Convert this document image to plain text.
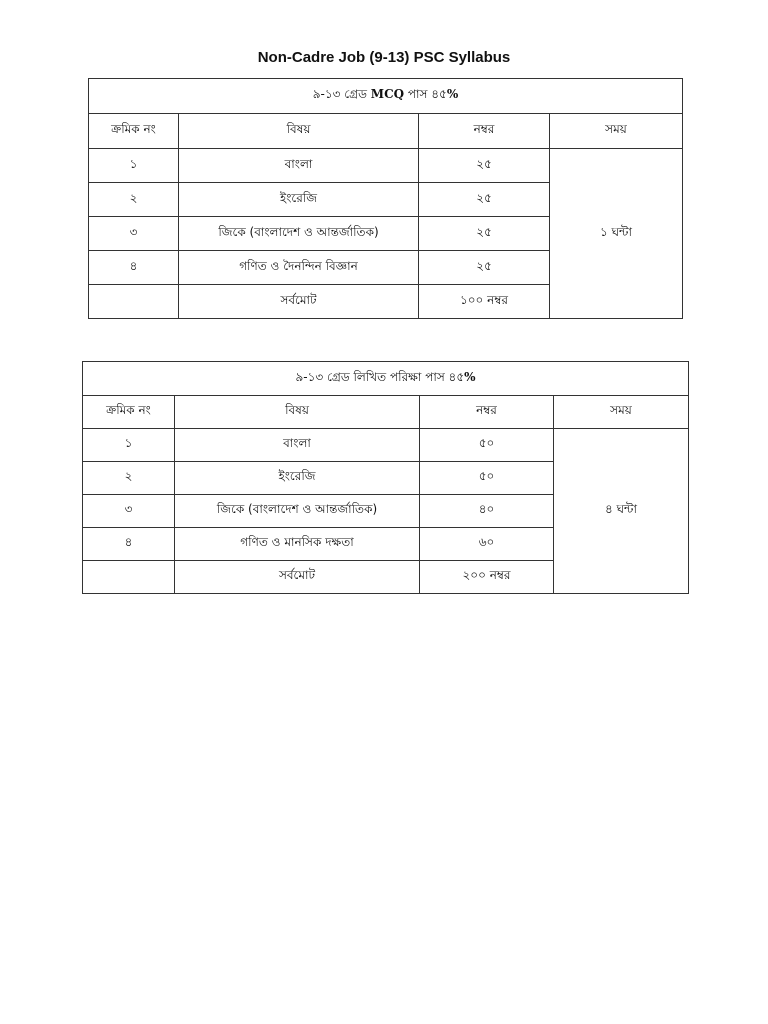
Non-Cadre Job (9-13) PSC Syllabus
৯-১৩ গ্রেড MCQ পাস ৪৫%			
ক্রমিক নং	বিষয়	নম্বর	সময়
১	বাংলা	২৫	১ ঘন্টা
২	ইংরেজি	২৫	
৩	জিকে (বাংলাদেশ ও আন্তর্জাতিক)	২৫	
৪	গণিত ও দৈনন্দিন বিজ্ঞান	২৫	
	সর্বমোট	১০০ নম্বর	
৯-১৩ গ্রেড লিখিত পরিক্ষা পাস ৪৫%			
ক্রমিক নং	বিষয়	নম্বর	সময়
১	বাংলা	৫০	৪ ঘন্টা
২	ইংরেজি	৫০	
৩	জিকে (বাংলাদেশ ও আন্তর্জাতিক)	৪০	
৪	গণিত ও মানসিক দক্ষতা	৬০	
	সর্বমোট	২০০ নম্বর	
